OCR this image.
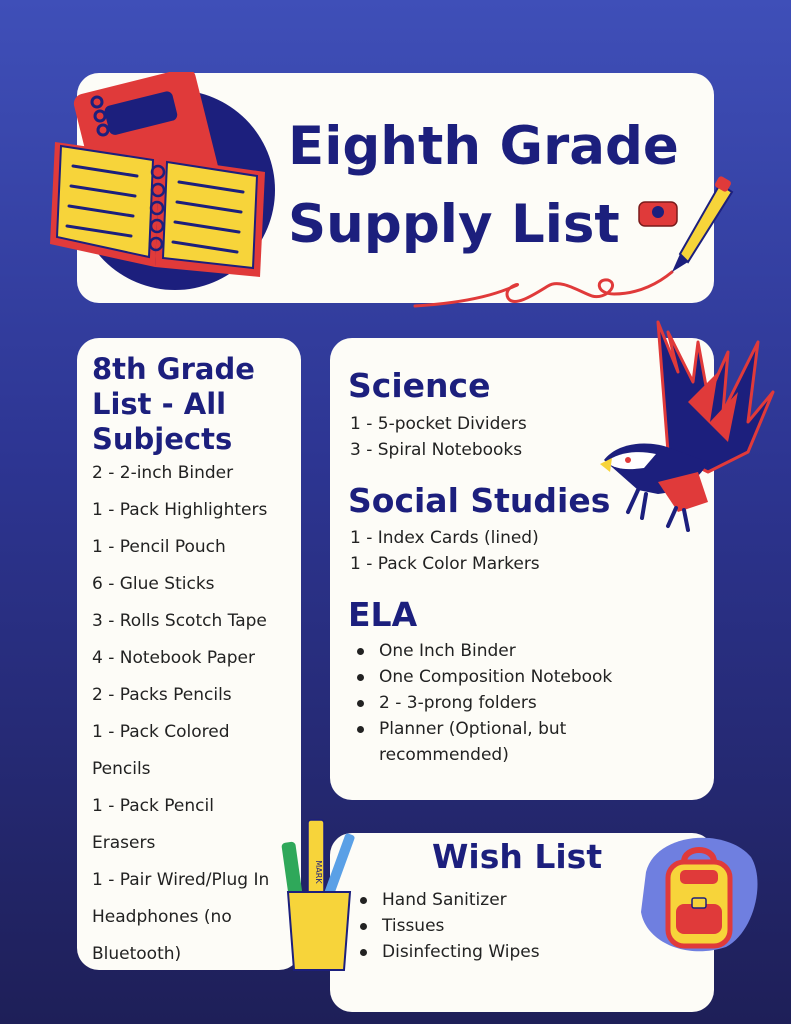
Eighth Grade
Supply List
8th Grade List - All Subjects
2 - 2-inch Binder
1 - Pack Highlighters
1 - Pencil Pouch
6 - Glue Sticks
3 - Rolls Scotch Tape
4 - Notebook Paper
2 - Packs Pencils
1 - Pack Colored
Pencils
1 - Pack Pencil
Erasers
1 - Pair Wired/Plug In
Headphones (no
Bluetooth)
Science
1 - 5-pocket Dividers
3 - Spiral Notebooks
Social Studies
1 - Index Cards (lined)
1 - Pack Color Markers
ELA
One Inch Binder
One Composition Notebook
2 - 3-prong folders
Planner (Optional, but recommended)
Wish List
Hand Sanitizer
Tissues
Disinfecting Wipes
MARK
